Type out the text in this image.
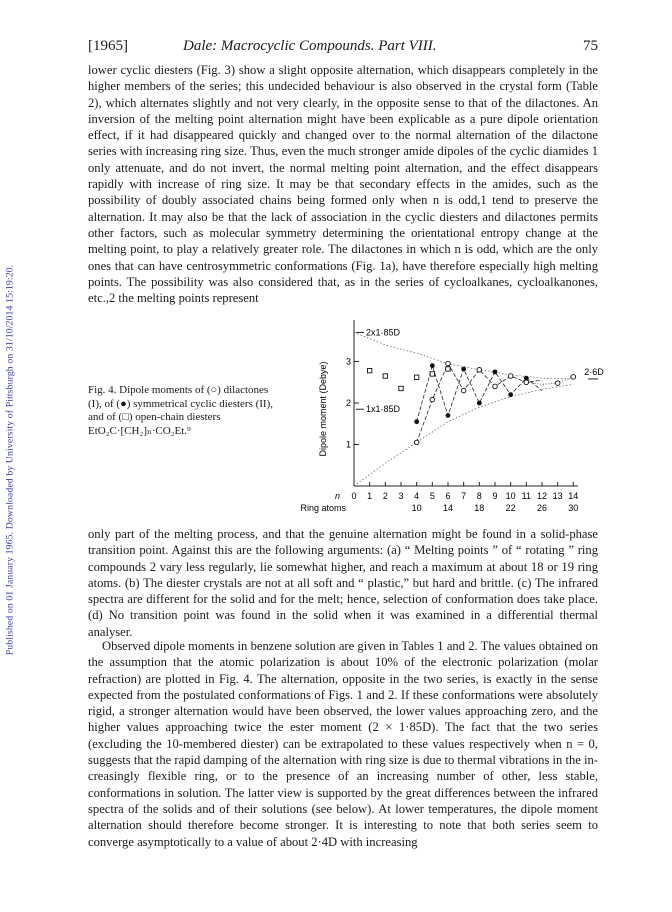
Published on 01 January 1965. Downloaded by University of Pittsburgh on 31/10/2014 15:19:20.
[1965]	Dale: Macrocyclic Compounds. Part VIII.	75

lower cyclic diesters (Fig. 3) show a slight opposite alternation, which disappears completely in the higher members of the series; this undecided behaviour is also observed in the crystal form (Table 2), which alternates slightly and not very clearly, in the opposite sense to that of the dilactones. An inversion of the melting point alternation might have been explicable as a pure dipole orientation effect, if it had disappeared quickly and changed over to the normal alternation of the dilactone series with increasing ring size. Thus, even the much stronger amide dipoles of the cyclic diamides 1 only attenuate, and do not invert, the normal melting point alternation, and the effect disappears rapidly with increase of ring size. It may be that secondary effects in the amides, such as the possibility of doubly associated chains being formed only when n is odd,1 tend to preserve the alternation. It may also be that the lack of association in the cyclic diesters and dilactones permits other factors, such as molecular symmetry determining the orientational entropy change at the melting point, to play a relatively greater role. The dilactones in which n is odd, which are the only ones that can have centrosymmetric conformations (Fig. 1a), have therefore especially high melting points. The possibility was also considered that, as in the series of cycloalkanes, cycloalkanones, etc.,2 the melting points represent

Fig. 4. Dipole moments of (○) dilactones (I), of (●) symmetrical cyclic diesters (II), and of (□) open-chain diesters EtO₂C·[CH₂]ₙ·CO₂Et.⁹

1
2
3
Dipole moment (Debye)
0 1 2 3 4 5 6 7 8 9 10 11 12 13 14
n
10 14 18 22 26 30
Ring atoms
2x1·85D
1x1·85D
2·6D

only part of the melting process, and that the genuine alternation might be found in a solid-phase transition point. Against this are the following arguments: (a) “ Melting points ” of “ rotating ” ring compounds 2 vary less regularly, lie somewhat higher, and reach a maximum at about 18 or 19 ring atoms. (b) The diester crystals are not at all soft and “ plastic,” but hard and brittle. (c) The infrared spectra are different for the solid and for the melt; hence, selection of conformation does take place. (d) No transition point was found in the solid when it was examined in a differential thermal analyser.

Observed dipole moments in benzene solution are given in Tables 1 and 2. The values obtained on the assumption that the atomic polarization is about 10% of the electronic polarization (molar refraction) are plotted in Fig. 4. The alternation, opposite in the two series, is exactly in the sense expected from the postulated conformations of Figs. 1 and 2. If these conformations were absolutely rigid, a stronger alternation would have been observed, the lower values approaching zero, and the higher values approaching twice the ester moment (2 × 1·85D). The fact that the two series (excluding the 10-membered diester) can be extrapolated to these values respectively when n = 0, suggests that the rapid damping of the alternation with ring size is due to thermal vibrations in the in-creasingly flexible ring, or to the presence of an increasing number of other, less stable, conformations in solution. The latter view is supported by the great differences between the infrared spectra of the solids and of their solutions (see below). At lower temperatures, the dipole moment alternation should therefore become stronger. It is interesting to note that both series seem to converge asymptotically to a value of about 2·4D with increasing
